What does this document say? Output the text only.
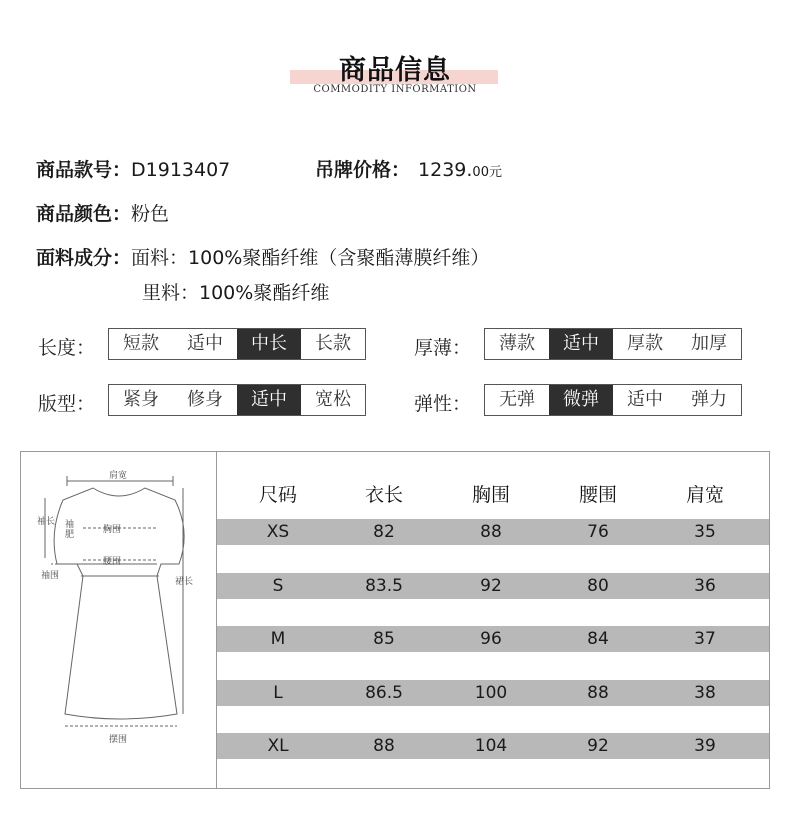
商品信息
COMMODITY INFORMATION
商品款号：D1913407	吊牌价格： 1239.00元
商品颜色：粉色
面料成分：面料：100%聚酯纤维（含聚酯薄膜纤维）
里料：100%聚酯纤维
长度：	短款	适中	中长	长款	厚薄：	薄款	适中	厚款	加厚
版型：	紧身	修身	适中	宽松	弹性：	无弹	微弹	适中	弹力
肩宽
袖长 袖肥	胸围
腰围
袖围
裙长
摆围
尺码	衣长	胸围	腰围	肩宽
XS	82	88	76	35
S	83.5	92	80	36
M	85	96	84	37
L	86.5	100	88	38
XL	88	104	92	39
